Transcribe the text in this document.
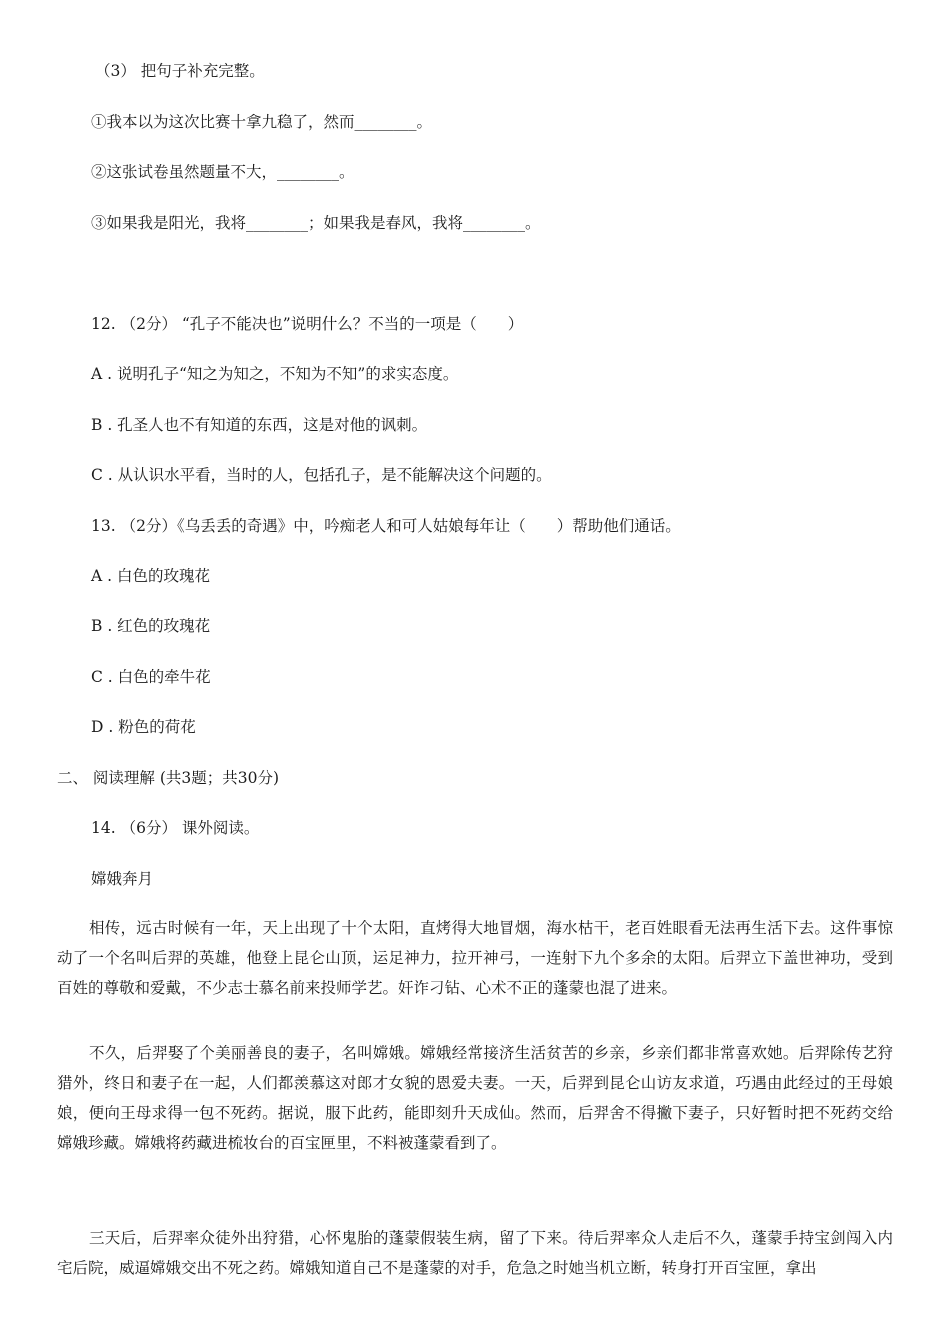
（3） 把句子补充完整。
①我本以为这次比赛十拿九稳了，然而________。
②这张试卷虽然题量不大，________。
③如果我是阳光，我将________；如果我是春风，我将________。
12. （2分） “孔子不能决也”说明什么？不当的一项是（　　）
A . 说明孔子“知之为知之，不知为不知”的求实态度。
B . 孔圣人也不有知道的东西，这是对他的讽刺。
C . 从认识水平看，当时的人，包括孔子，是不能解决这个问题的。
13. （2分）《乌丢丢的奇遇》中，吟痴老人和可人姑娘每年让（　　）帮助他们通话。
A . 白色的玫瑰花
B . 红色的玫瑰花
C . 白色的牵牛花
D . 粉色的荷花
二、 阅读理解 (共3题；共30分)
14. （6分） 课外阅读。
嫦娥奔月
相传，远古时候有一年，天上出现了十个太阳，直烤得大地冒烟，海水枯干，老百姓眼看无法再生活下去。这件事惊动了一个名叫后羿的英雄，他登上昆仑山顶，运足神力，拉开神弓，一连射下九个多余的太阳。后羿立下盖世神功，受到百姓的尊敬和爱戴，不少志士慕名前来投师学艺。奸诈刁钻、心术不正的蓬蒙也混了进来。
不久，后羿娶了个美丽善良的妻子，名叫嫦娥。嫦娥经常接济生活贫苦的乡亲，乡亲们都非常喜欢她。后羿除传艺狩猎外，终日和妻子在一起，人们都羡慕这对郎才女貌的恩爱夫妻。一天，后羿到昆仑山访友求道，巧遇由此经过的王母娘娘，便向王母求得一包不死药。据说，服下此药，能即刻升天成仙。然而，后羿舍不得撇下妻子，只好暂时把不死药交给嫦娥珍藏。嫦娥将药藏进梳妆台的百宝匣里，不料被蓬蒙看到了。
三天后，后羿率众徒外出狩猎，心怀鬼胎的蓬蒙假装生病，留了下来。待后羿率众人走后不久，蓬蒙手持宝剑闯入内宅后院，威逼嫦娥交出不死之药。嫦娥知道自己不是蓬蒙的对手，危急之时她当机立断，转身打开百宝匣，拿出
